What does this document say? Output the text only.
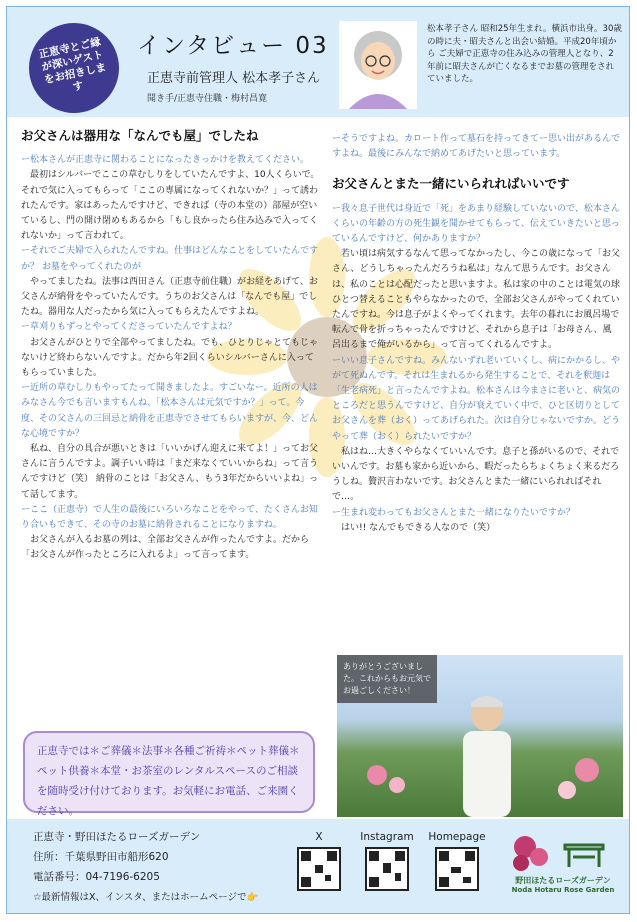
正恵寺とご縁が深いゲストをお招きします
インタビュー 03
正恵寺前管理人 松本孝子さん
聞き手/正恵寺住職・梅村昌寛
松本孝子さん 昭和25年生まれ。横浜市出身。30歳の時に夫・昭夫さんと出会い結婚。平成20年頃から ご夫婦で正恵寺の住み込みの管理人となり、2年前に昭夫さんが亡くなるまでお墓の管理をされていました。
お父さんは器用な「なんでも屋」でしたね

ー松本さんが正恵寺に関わることになったきっかけを教えてください。

最初はシルバーでここの草むしりをしていたんですよ、10人くらいで。それで気に入ってもらって「ここの専属になってくれないか？」って誘われたんです。家はあったんですけど、できれば（寺の本堂の）部屋が空いているし、門の開け閉めもあるから「もし良かったら住み込みで入ってくれないか」って言われて。

ーそれでご夫婦で入られたんですね。仕事はどんなことをしていたんですか？ お墓をやってくれたのが

やってましたね。法事は西田さん（正恵寺前住職）がお経をあげて、お父さんが納骨をやっていたんです。うちのお父さんは「なんでも屋」でしたね。器用な人だったから気に入ってもらえたんですよね。

ー草刈りもずっとやってくださっていたんですよね？

お父さんがひとりで全部やってましたね。でも、ひとりじゃとてもじゃないけど終わらないんですよ。だから年2回くらいシルバーさんに入ってもらっていました。

ー近所の草むしりもやってたって聞きましたよ。すごいなー。近所の人はみなさん今でも言いますもんね、「松本さんは元気ですか？」って。今度、その父さんの三回忌と納骨を正恵寺でさせてもらいますが、今、どんな心境ですか？

私ね、自分の具合が悪いときは「いいかげん迎えに来てよ！」ってお父さんに言うんですよ。調子いい時は「まだ来なくていいからね」って言うんですけど（笑） 納骨のことは「お父さん、もう3年だからいいよね」って話してます。

ーここ（正恵寺）で人生の最後にいろいろなことをやって、たくさんお知り合いもできて、その寺のお墓に納骨されることになりますね。

お父さんが入るお墓の列は、全部お父さんが作ったんですよ。だから「お父さんが作ったところに入れるよ」って言ってます。

ーそうですよね。カロート作って墓石を持ってきてー思い出があるんですよね。最後にみんなで納めてあげたいと思っています。

お父さんとまた一緒にいられればいいです

ー我々息子世代は身近で「死」をあまり経験していないので、松本さんくらいの年齢の方の死生観を聞かせてもらって、伝えていきたいと思っているんですけど、何かありますか？

若い頃は病気するなんて思ってなかったし、今この歳になって「お父さん、どうしちゃったんだろうね私は」なんて思うんです。お父さんは、私のことは心配だったと思いますよ。私は家の中のことは電気の球ひとつ替えることもやらなかったので、全部お父さんがやってくれていたんですね。今は息子がよくやってくれます。去年の暮れにお風呂場で転んで骨を折っちゃったんですけど、それから息子は「お母さん、風呂出るまで俺がいるから」って言ってくれるんですよ。

ーいい息子さんですね。みんないずれ老いていくし、病にかかるし、やがて死ぬんです。それは生まれるから発生することで、それを釈迦は「生老病死」と言ったんですよね。松本さんは今まさに老いと、病気のところだと思うんですけど、自分が衰えていく中で、ひと区切りとしてお父さんを葬（おく）ってあげられた。次は自分じゃないですか。どうやって葬（おく）られたいですか？

私はね…大きくやらなくていいんです。息子と孫がいるので、それでいいんです。お墓も家から近いから、暇だったらちょくちょく来るだろうしね。贅沢言わないです。お父さんとまた一緒にいられればそれで…。

ー生まれ変わってもお父さんとまた一緒になりたいですか？

はい!! なんでもできる人なので（笑）

ありがとうございました。これからもお元気でお過ごしください！
正恵寺では＊ご葬儀＊法事＊各種ご祈祷＊ペット葬儀＊ペット供養＊本堂・お茶室のレンタルスペースのご相談を随時受け付けております。お気軽にお電話、ご来園ください。
正恵寺・野田ほたるローズガーデン
住所：千葉県野田市船形620
電話番号：04-7196-6205
☆最新情報はX、インスタ、またはホームページで👉
X	Instagram	Homepage
野田ほたるローズガーデン
Noda Hotaru Rose Garden
